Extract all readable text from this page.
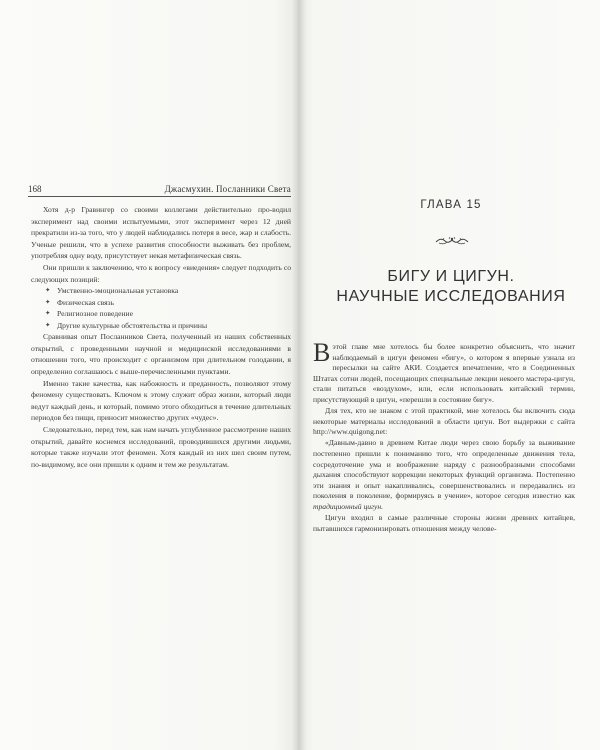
168	Джасмухин. Посланники Света

Хотя д-р Гравингер со своими коллегами действительно про-водил эксперимент над своими испытуемыми, этот эксперимент через 12 дней прекратили из-за того, что у людей наблюдались потеря в весе, жар и слабость. Ученые решили, что в успехе развития способности выживать без проблем, употребляя одну воду, присутствует некая метафизическая связь.

Они пришли к заключению, что к вопросу «виедения» следует подходить со следующих позиций:

✦ Умственно-эмоциональная установка
✦ Физическая связь
✦ Религиозное поведение
✦ Другие культурные обстоятельства и причины

Сравнивая опыт Посланников Света, полученный из наших собственных открытий, с проведенными научной и медицинской исследованиями в отношении того, что происходит с организмом при длительном голодании, я определенно соглашаюсь с выше-перечисленными пунктами.

Именно такие качества, как набожность и преданность, позволяют этому феномену существовать. Ключом к этому служит образ жизни, который люди ведут каждый день, и который, помимо этого обходиться в течение длительных периодов без пищи, приносит множество других «чудес».

Следовательно, перед тем, как нам начать углубленное рассмотрение наших открытий, давайте коснемся исследований, проводившихся другими людьми, которые также изучали этот феномен. Хотя каждый из них шел своим путем, по-видимому, все они пришли к одним и тем же результатам.

ГЛАВА 15
БИГУ И ЦИГУН.
НАУЧНЫЕ ИССЛЕДОВАНИЯ

Вэтой главе мне хотелось бы более конкретно объяснить, что значит наблюдаемый в цигун феномен «бигу», о котором я впервые узнала из пересылки на сайте АКИ. Создается впечатление, что в Соединенных Штатах сотни людей, посещающих специальные лекции некоего мастера-цигун, стали питаться «воздухом», или, если использовать китайский термин, присутствующий в цигун, «перешли в состояние бигу».

Для тех, кто не знаком с этой практикой, мне хотелось бы включить сюда некоторые материалы исследований в области цигун. Вот выдержки с сайта http://www.quigong.net:

«Давным-давно в древнем Китае люди через свою борьбу за выживание постепенно пришли к пониманию того, что определенные движения тела, сосредоточение ума и воображение наряду с разнообразными способами дыхания способствуют коррекции некоторых функций организма. Постепенно эти знания и опыт накапливались, совершенствовались и передавались из поколения в поколение, формируясь в учение», которое сегодня известно как традиционный цигун.

Цигун входил в самые различные стороны жизни древних китайцев, пытавшихся гармонизировать отношения между челове-
